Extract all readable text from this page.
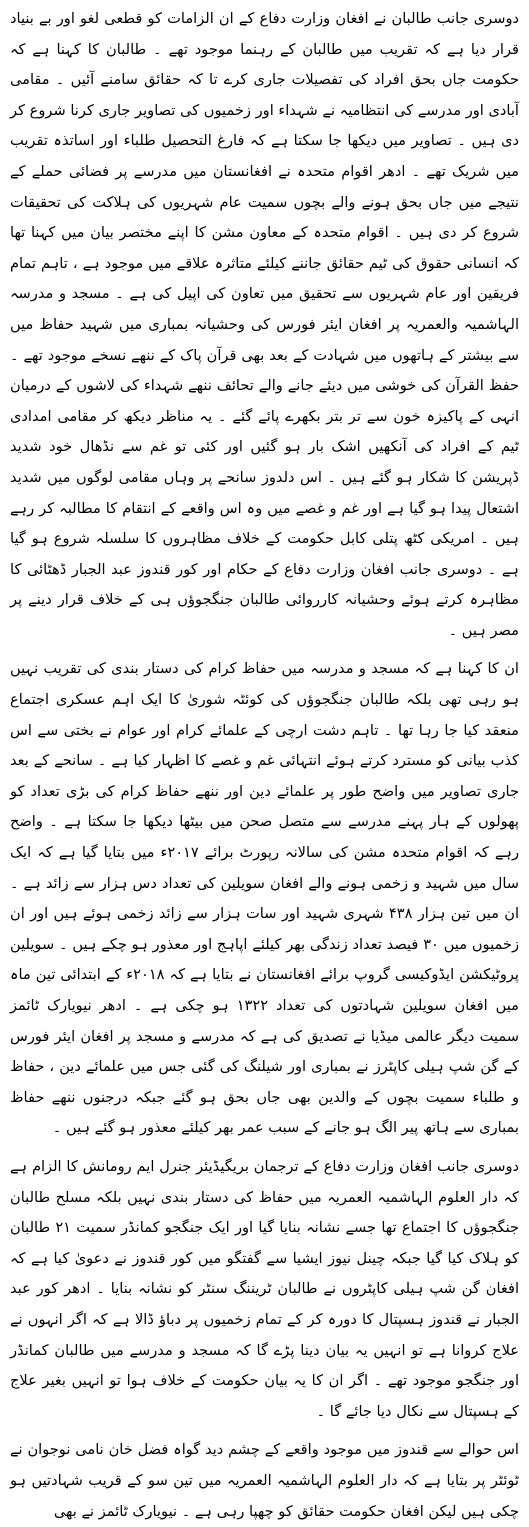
دوسری جانب طالبان نے افغان وزارت دفاع کے ان الزامات کو قطعی لغو اور بے بنیاد قرار دیا ہے کہ تقریب میں طالبان کے رہنما موجود تھے ۔ طالبان کا کہنا ہے کہ حکومت جاں بحق افراد کی تفصیلات جاری کرے تا کہ حقائق سامنے آئیں ۔ مقامی آبادی اور مدرسے کی انتظامیہ نے شہداء اور زخمیوں کی تصاویر جاری کرنا شروع کر دی ہیں ۔ تصاویر میں دیکھا جا سکتا ہے کہ فارغ التحصیل طلباء اور اساتذہ تقریب میں شریک تھے ۔ ادھر اقوام متحدہ نے افغانستان میں مدرسے پر فضائی حملے کے نتیجے میں جاں بحق ہونے والے بچوں سمیت عام شہریوں کی ہلاکت کی تحقیقات شروع کر دی ہیں ۔ اقوام متحدہ کے معاون مشن کا اپنے مختصر بیان میں کہنا تھا کہ انسانی حقوق کی ٹیم حقائق جاننے کیلئے متاثرہ علاقے میں موجود ہے ، تاہم تمام فریقین اور عام شہریوں سے تحقیق میں تعاون کی اپیل کی ہے ۔ مسجد و مدرسہ الہاشمیہ والعمریہ پر افغان ایئر فورس کی وحشیانہ بمباری میں شہید حفاظ میں سے بیشتر کے ہاتھوں میں شہادت کے بعد بھی قرآن پاک کے ننھے نسخے موجود تھے ۔ حفظ القرآن کی خوشی میں دیئے جانے والے تحائف ننھے شہداء کی لاشوں کے درمیان انہی کے پاکیزہ خون سے تر بتر بکھرے پائے گئے ۔ یہ مناظر دیکھ کر مقامی امدادی ٹیم کے افراد کی آنکھیں اشک بار ہو گئیں اور کئی تو غم سے نڈھال خود شدید ڈپریشن کا شکار ہو گئے ہیں ۔ اس دلدوز سانحے پر وہاں مقامی لوگوں میں شدید اشتعال پیدا ہو گیا ہے اور غم و غصے میں وہ اس واقعے کے انتقام کا مطالبہ کر رہے ہیں ۔ امریکی کٹھ پتلی کابل حکومت کے خلاف مظاہروں کا سلسلہ شروع ہو گیا ہے ۔ دوسری جانب افغان وزارت دفاع کے حکام اور کور قندوز عبد الجبار ڈھٹائی کا مظاہرہ کرتے ہوئے وحشیانہ کارروائی طالبان جنگجوؤں ہی کے خلاف قرار دینے پر مصر ہیں ۔

ان کا کہنا ہے کہ مسجد و مدرسہ میں حفاظ کرام کی دستار بندی کی تقریب نہیں ہو رہی تھی بلکہ طالبان جنگجوؤں کی کوئٹہ شوریٰ کا ایک اہم عسکری اجتماع منعقد کیا جا رہا تھا ۔ تاہم دشت ارچی کے علمائے کرام اور عوام نے بختی سے اس کذب بیانی کو مسترد کرتے ہوئے انتہائی غم و غصے کا اظہار کیا ہے ۔ سانحے کے بعد جاری تصاویر میں واضح طور پر علمائے دین اور ننھے حفاظ کرام کی بڑی تعداد کو پھولوں کے ہار پہنے مدرسے سے متصل صحن میں بیٹھا دیکھا جا سکتا ہے ۔ واضح رہے کہ اقوام متحدہ مشن کی سالانہ رپورٹ برائے ۲۰۱۷ء میں بتایا گیا ہے کہ ایک سال میں شہید و زخمی ہونے والے افغان سویلین کی تعداد دس ہزار سے زائد ہے ۔ ان میں تین ہزار ۴۳۸ شہری شہید اور سات ہزار سے زائد زخمی ہوئے ہیں اور ان زخمیوں میں ۳۰ فیصد تعداد زندگی بھر کیلئے اپاہج اور معذور ہو چکے ہیں ۔ سویلین پروٹیکشن ایڈوکیسی گروپ برائے افغانستان نے بتایا ہے کہ ۲۰۱۸ء کے ابتدائی تین ماہ میں افغان سویلین شہادتوں کی تعداد ۱۳۲۲ ہو چکی ہے ۔ ادھر نیویارک ٹائمز سمیت دیگر عالمی میڈیا نے تصدیق کی ہے کہ مدرسے و مسجد پر افغان ایئر فورس کے گن شپ ہیلی کاپٹرز نے بمباری اور شیلنگ کی گئی جس میں علمائے دین ، حفاظ و طلباء سمیت بچوں کے والدین بھی جاں بحق ہو گئے جبکہ درجنوں ننھے حفاظ بمباری سے ہاتھ پیر الگ ہو جانے کے سبب عمر بھر کیلئے معذور ہو گئے ہیں ۔

دوسری جانب افغان وزارت دفاع کے ترجمان بریگیڈیئر جنرل ایم رومانش کا الزام ہے کہ دار العلوم الہاشمیہ العمریہ میں حفاظ کی دستار بندی نہیں بلکہ مسلح طالبان جنگجوؤں کا اجتماع تھا جسے نشانہ بنایا گیا اور ایک جنگجو کمانڈر سمیت ۲۱ طالبان کو ہلاک کیا گیا جبکہ چینل نیوز ایشیا سے گفتگو میں کور قندوز نے دعویٰ کیا ہے کہ افغان گن شپ ہیلی کاپٹروں نے طالبان ٹریننگ سنٹر کو نشانہ بنایا ۔ ادھر کور عبد الجبار نے قندوز ہسپتال کا دورہ کر کے تمام زخمیوں پر دباؤ ڈالا ہے کہ اگر انہوں نے علاج کروانا ہے تو انہیں یہ بیان دینا پڑے گا کہ مسجد و مدرسے میں طالبان کمانڈر اور جنگجو موجود تھے ۔ اگر ان کا یہ بیان حکومت کے خلاف ہوا تو انہیں بغیر علاج کے ہسپتال سے نکال دیا جائے گا ۔

اس حوالے سے قندوز میں موجود واقعے کے چشم دید گواہ فضل خان نامی نوجوان نے ٹوئٹر پر بتایا ہے کہ دار العلوم الہاشمیہ العمریہ میں تین سو کے قریب شہادتیں ہو چکی ہیں لیکن افغان حکومت حقائق کو چھپا رہی ہے ۔ نیویارک ٹائمز نے بھی
